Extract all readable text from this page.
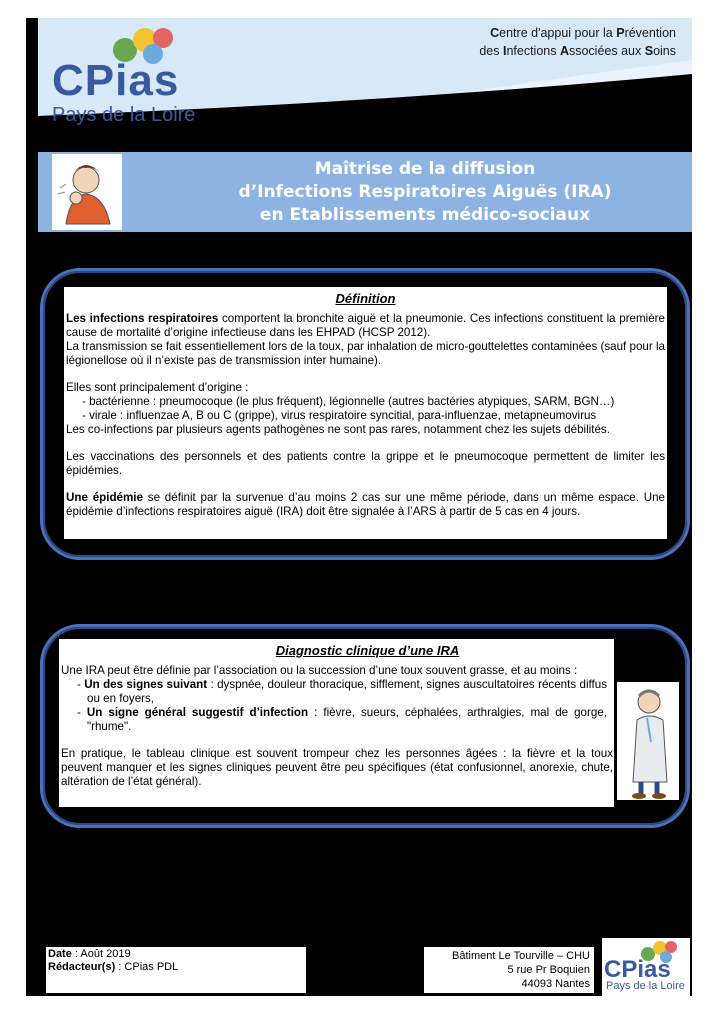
CPias
Pays de la Loire
Centre d'appui pour la Prévention
des Infections Associées aux Soins
Maîtrise de la diffusion
d’Infections Respiratoires Aiguës (IRA)
en Etablissements médico-sociaux
Définition

Les infections respiratoires comportent la bronchite aiguë et la pneumonie. Ces infections constituent la première cause de mortalité d’origine infectieuse dans les EHPAD (HCSP 2012).

La transmission se fait essentiellement lors de la toux, par inhalation de micro-gouttelettes contaminées (sauf pour la légionellose où il n’existe pas de transmission inter humaine).

Elles sont principalement d’origine :

- bactérienne : pneumocoque (le plus fréquent), légionnelle (autres bactéries atypiques, SARM, BGN…)

- virale : influenzae A, B ou C (grippe), virus respiratoire syncitial, para-influenzae, metapneumovirus

Les co-infections par plusieurs agents pathogènes ne sont pas rares, notamment chez les sujets débilités.

Les vaccinations des personnels et des patients contre la grippe et le pneumocoque permettent de limiter les épidémies.

Une épidémie se définit par la survenue d’au moins 2 cas sur une même période, dans un même espace. Une épidémie d’infections respiratoires aiguë (IRA) doit être signalée à l’ARS à partir de 5 cas en 4 jours.

Diagnostic clinique d’une IRA

Une IRA peut être définie par l’association ou la succession d’une toux souvent grasse, et au moins :

- Un des signes suivant : dyspnée, douleur thoracique, sifflement, signes auscultatoires récents diffus ou en foyers,

- Un signe général suggestif d’infection : fièvre, sueurs, céphalées, arthralgies, mal de gorge, "rhume".

En pratique, le tableau clinique est souvent trompeur chez les personnes âgées : la fièvre et la toux peuvent manquer et les signes cliniques peuvent être peu spécifiques (état confusionnel, anorexie, chute, altération de l’état général).

Date : Août 2019
Rédacteur(s) : CPias PDL
Bâtiment Le Tourville – CHU
5 rue Pr Boquien
44093 Nantes
CPias
Pays de la Loire
